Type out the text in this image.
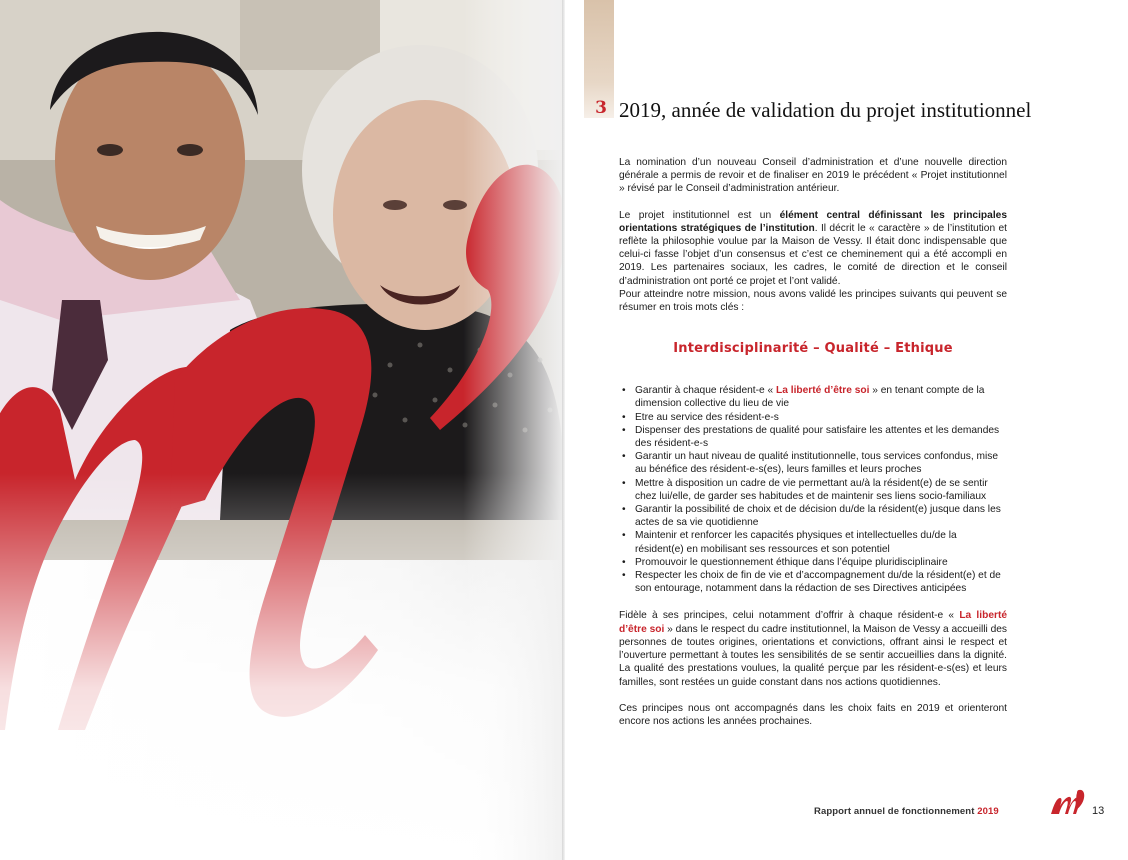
3 2019, année de validation du projet institutionnel

La nomination d’un nouveau Conseil d’administration et d’une nouvelle direction générale a permis de revoir et de finaliser en 2019 le précédent « Projet institutionnel » révisé par le Conseil d’administration antérieur.

Le projet institutionnel est un élément central définissant les principales orientations stratégiques de l’institution. Il décrit le « caractère » de l’institution et reflète la philosophie voulue par la Maison de Vessy. Il était donc indispensable que celui-ci fasse l’objet d’un consensus et c’est ce cheminement qui a été accompli en 2019. Les partenaires sociaux, les cadres, le comité de direction et le conseil d’administration ont porté ce projet et l’ont validé.

Pour atteindre notre mission, nous avons validé les principes suivants qui peuvent se résumer en trois mots clés :

Interdisciplinarité – Qualité – Ethique
• Garantir à chaque résident-e « La liberté d’être soi » en tenant compte de la dimension collective du lieu de vie
• Etre au service des résident-e-s
• Dispenser des prestations de qualité pour satisfaire les attentes et les demandes des résident-e-s
• Garantir un haut niveau de qualité institutionnelle, tous services confondus, mise au bénéfice des résident-e-s(es), leurs familles et leurs proches
• Mettre à disposition un cadre de vie permettant au/à la résident(e) de se sentir chez lui/elle, de garder ses habitudes et de maintenir ses liens socio-familiaux
• Garantir la possibilité de choix et de décision du/de la résident(e) jusque dans les actes de sa vie quotidienne
• Maintenir et renforcer les capacités physiques et intellectuelles du/de la résident(e) en mobilisant ses ressources et son potentiel
• Promouvoir le questionnement éthique dans l’équipe pluridisciplinaire
• Respecter les choix de fin de vie et d’accompagnement du/de la résident(e) et de son entourage, notamment dans la rédaction de ses Directives anticipées

Fidèle à ses principes, celui notamment d’offrir à chaque résident-e « La liberté d’être soi » dans le respect du cadre institutionnel, la Maison de Vessy a accueilli des personnes de toutes origines, orientations et convictions, offrant ainsi le respect et l’ouverture permettant à toutes les sensibilités de se sentir accueillies dans la dignité. La qualité des prestations voulues, la qualité perçue par les résident-e-s(es) et leurs familles, sont restées un guide constant dans nos actions quotidiennes.

Ces principes nous ont accompagnés dans les choix faits en 2019 et orienteront encore nos actions les années prochaines.

Rapport annuel de fonctionnement 2019	13
